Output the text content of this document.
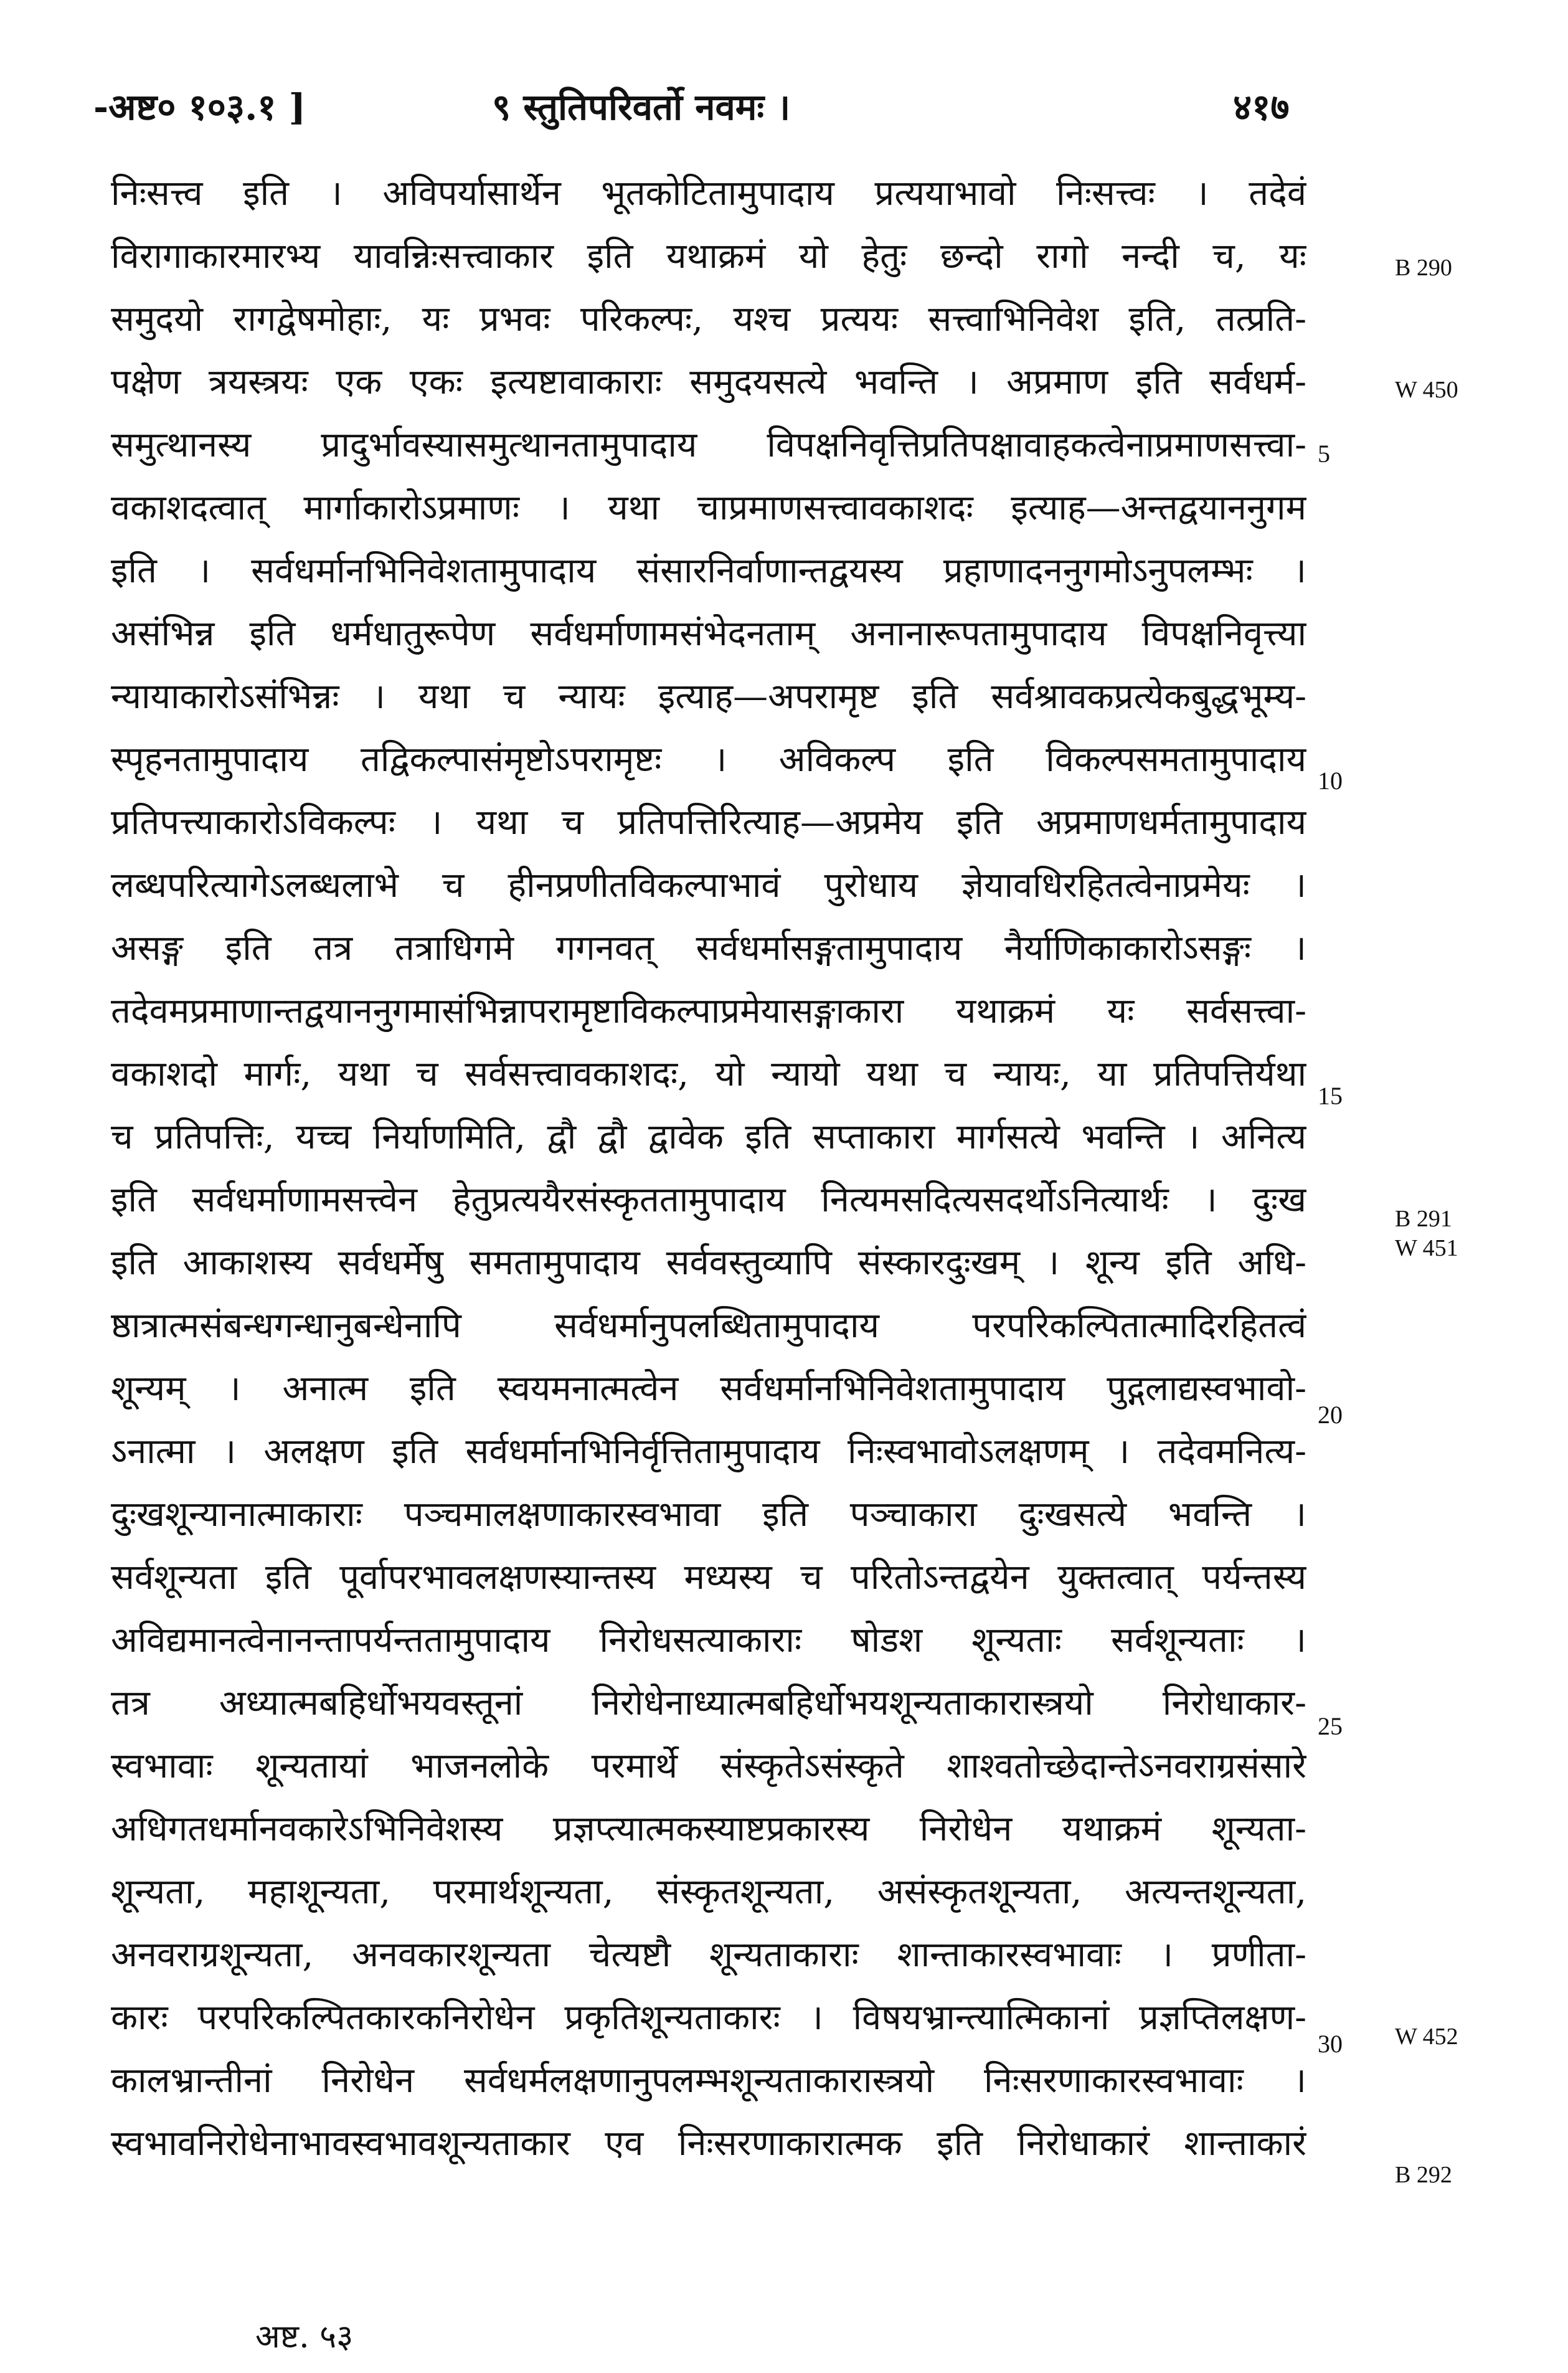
-अष्ट० १०३.१ ]	९ स्तुतिपरिवर्तो नवमः ।	४१७
निःसत्त्व इति । अविपर्यासार्थेन भूतकोटितामुपादाय प्रत्ययाभावो निःसत्त्वः । तदेवं
विरागाकारमारभ्य यावन्निःसत्त्वाकार इति यथाक्रमं यो हेतुः छन्दो रागो नन्दी च, यः
समुदयो रागद्वेषमोहाः, यः प्रभवः परिकल्पः, यश्च प्रत्ययः सत्त्वाभिनिवेश इति, तत्प्रति-
पक्षेण त्रयस्त्रयः एक एकः इत्यष्टावाकाराः समुदयसत्ये भवन्ति । अप्रमाण इति सर्वधर्म-
समुत्थानस्य प्रादुर्भावस्यासमुत्थानतामुपादाय विपक्षनिवृत्तिप्रतिपक्षावाहकत्वेनाप्रमाणसत्त्वा-
वकाशदत्वात् मार्गाकारोऽप्रमाणः । यथा चाप्रमाणसत्त्वावकाशदः इत्याह—अन्तद्वयाननुगम
इति । सर्वधर्मानभिनिवेशतामुपादाय संसारनिर्वाणान्तद्वयस्य प्रहाणादननुगमोऽनुपलम्भः ।
असंभिन्न इति धर्मधातुरूपेण सर्वधर्माणामसंभेदनताम् अनानारूपतामुपादाय विपक्षनिवृत्त्या
न्यायाकारोऽसंभिन्नः । यथा च न्यायः इत्याह—अपरामृष्ट इति सर्वश्रावकप्रत्येकबुद्धभूम्य-
स्पृहनतामुपादाय तद्विकल्पासंमृष्टोऽपरामृष्टः । अविकल्प इति विकल्पसमतामुपादाय
प्रतिपत्त्याकारोऽविकल्पः । यथा च प्रतिपत्तिरित्याह—अप्रमेय इति अप्रमाणधर्मतामुपादाय
लब्धपरित्यागेऽलब्धलाभे च हीनप्रणीतविकल्पाभावं पुरोधाय ज्ञेयावधिरहितत्वेनाप्रमेयः ।
असङ्ग इति तत्र तत्राधिगमे गगनवत् सर्वधर्मासङ्गतामुपादाय नैर्याणिकाकारोऽसङ्गः ।
तदेवमप्रमाणान्तद्वयाननुगमासंभिन्नापरामृष्टाविकल्पाप्रमेयासङ्गाकारा यथाक्रमं यः सर्वसत्त्वा-
वकाशदो मार्गः, यथा च सर्वसत्त्वावकाशदः, यो न्यायो यथा च न्यायः, या प्रतिपत्तिर्यथा
च प्रतिपत्तिः, यच्च निर्याणमिति, द्वौ द्वौ द्वावेक इति सप्ताकारा मार्गसत्ये भवन्ति । अनित्य
इति सर्वधर्माणामसत्त्वेन हेतुप्रत्ययैरसंस्कृततामुपादाय नित्यमसदित्यसदर्थोऽनित्यार्थः । दुःख
इति आकाशस्य सर्वधर्मेषु समतामुपादाय सर्ववस्तुव्यापि संस्कारदुःखम् । शून्य इति अधि-
ष्ठात्रात्मसंबन्धगन्धानुबन्धेनापि सर्वधर्मानुपलब्धितामुपादाय परपरिकल्पितात्मादिरहितत्वं
शून्यम् । अनात्म इति स्वयमनात्मत्वेन सर्वधर्मानभिनिवेशतामुपादाय पुद्गलाद्यस्वभावो-
ऽनात्मा । अलक्षण इति सर्वधर्मानभिनिर्वृत्तितामुपादाय निःस्वभावोऽलक्षणम् । तदेवमनित्य-
दुःखशून्यानात्माकाराः पञ्चमालक्षणाकारस्वभावा इति पञ्चाकारा दुःखसत्ये भवन्ति ।
सर्वशून्यता इति पूर्वापरभावलक्षणस्यान्तस्य मध्यस्य च परितोऽन्तद्वयेन युक्तत्वात् पर्यन्तस्य
अविद्यमानत्वेनानन्तापर्यन्ततामुपादाय निरोधसत्याकाराः षोडश शून्यताः सर्वशून्यताः ।
तत्र अध्यात्मबहिर्धोभयवस्तूनां निरोधेनाध्यात्मबहिर्धोभयशून्यताकारास्त्रयो निरोधाकार-
स्वभावाः शून्यतायां भाजनलोके परमार्थे संस्कृतेऽसंस्कृते शाश्वतोच्छेदान्तेऽनवराग्रसंसारे
अधिगतधर्मानवकारेऽभिनिवेशस्य प्रज्ञप्त्यात्मकस्याष्टप्रकारस्य निरोधेन यथाक्रमं शून्यता-
शून्यता, महाशून्यता, परमार्थशून्यता, संस्कृतशून्यता, असंस्कृतशून्यता, अत्यन्तशून्यता,
अनवराग्रशून्यता, अनवकारशून्यता चेत्यष्टौ शून्यताकाराः शान्ताकारस्वभावाः । प्रणीता-
कारः परपरिकल्पितकारकनिरोधेन प्रकृतिशून्यताकारः । विषयभ्रान्त्यात्मिकानां प्रज्ञप्तिलक्षण-
कालभ्रान्तीनां निरोधेन सर्वधर्मलक्षणानुपलम्भशून्यताकारास्त्रयो निःसरणाकारस्वभावाः ।
स्वभावनिरोधेनाभावस्वभावशून्यताकार एव निःसरणाकारात्मक इति निरोधाकारं शान्ताकारं
5
10
15
20
25
30
B 290
W 450
B 291
W 451
W 452
B 292
अष्ट. ५३
